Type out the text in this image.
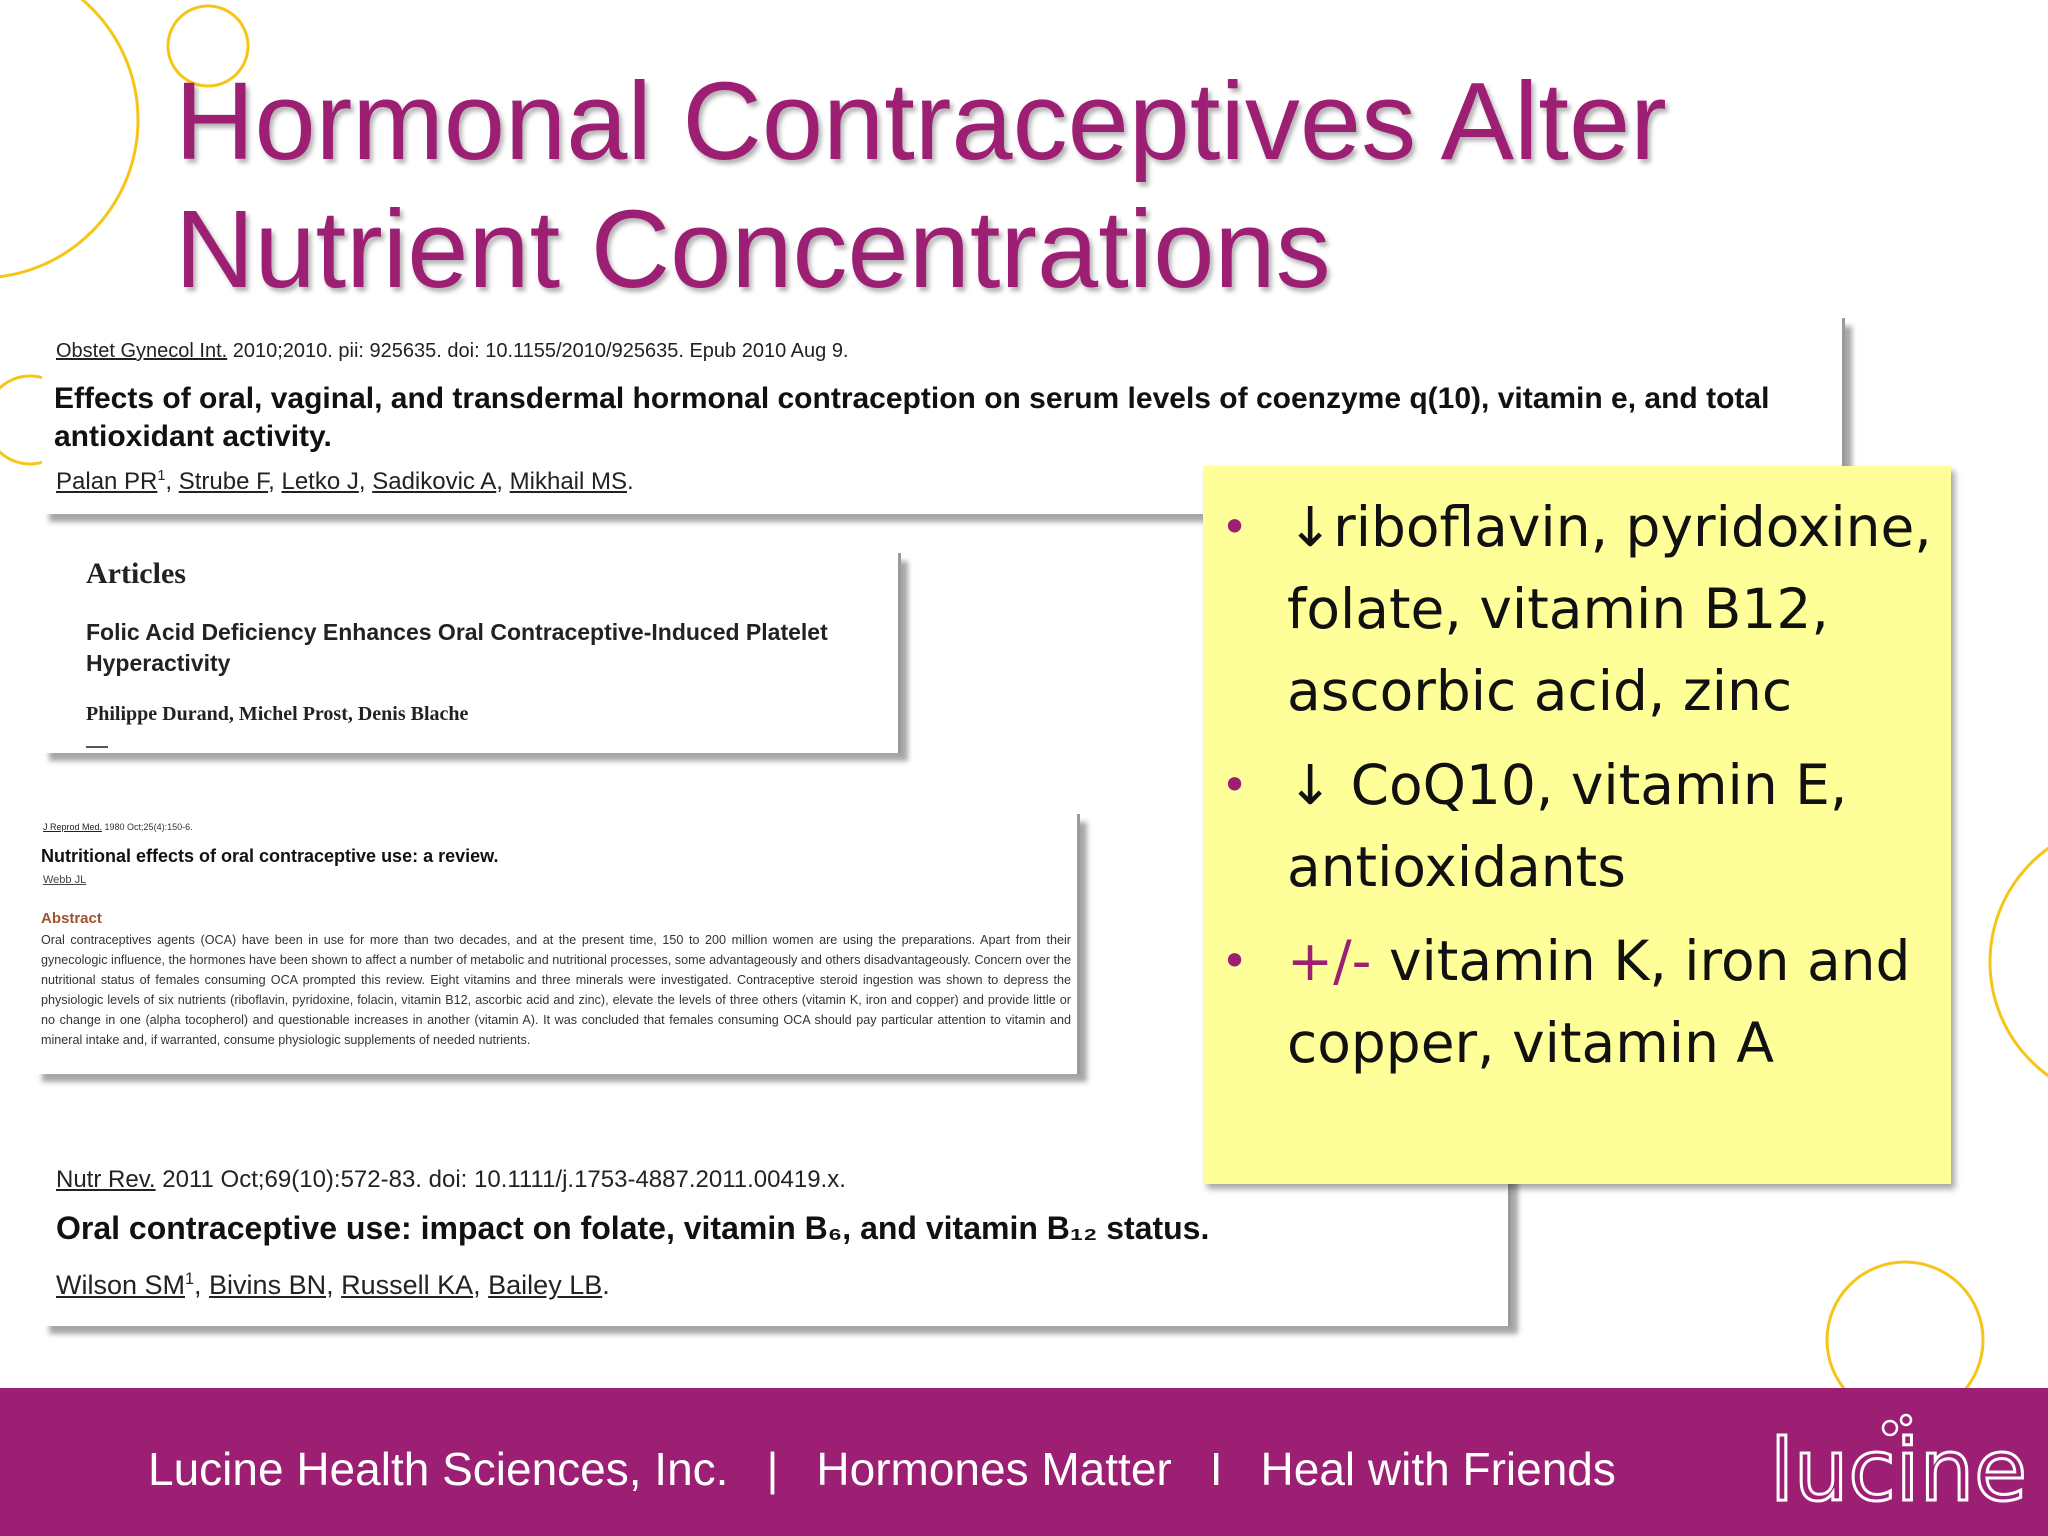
Hormonal Contraceptives Alter
Nutrient Concentrations
Obstet Gynecol Int. 2010;2010. pii: 925635. doi: 10.1155/2010/925635. Epub 2010 Aug 9.
Effects of oral, vaginal, and transdermal hormonal contraception on serum levels of coenzyme q(10), vitamin e, and total antioxidant activity.
Palan $PR^1$, Strube F, Letko J, Sadikovic A, Mikhail MS.
Articles
Folic Acid Deficiency Enhances Oral Contraceptive-Induced Platelet Hyperactivity
Philippe Durand, Michel Prost, Denis Blache
J Reprod Med. 1980 Oct;25(4):150-6.
Nutritional effects of oral contraceptive use: a review.
Webb JL
Abstract
Oral contraceptives agents (OCA) have been in use for more than two decades, and at the present time, 150 to 200 million women are using the preparations. Apart from their gynecologic influence, the hormones have been shown to affect a number of metabolic and nutritional processes, some advantageously and others disadvantageously. Concern over the nutritional status of females consuming OCA prompted this review. Eight vitamins and three minerals were investigated. Contraceptive steroid ingestion was shown to depress the physiologic levels of six nutrients (riboflavin, pyridoxine, folacin, vitamin B12, ascorbic acid and zinc), elevate the levels of three others (vitamin K, iron and copper) and provide little or no change in one (alpha tocopherol) and questionable increases in another (vitamin A). It was concluded that females consuming OCA should pay particular attention to vitamin and mineral intake and, if warranted, consume physiologic supplements of needed nutrients.
Nutr Rev. 2011 Oct;69(10):572-83. doi: 10.1111/j.1753-4887.2011.00419.x.
Oral contraceptive use: impact on folate, vitamin B₆, and vitamin B₁₂ status.
Wilson $SM^1$, Bivins BN, Russell KA, Bailey LB.
• ↓riboflavin, pyridoxine, folate, vitamin B12, ascorbic acid, zinc
• ↓ CoQ10, vitamin E, antioxidants
• +/- vitamin K, iron and copper, vitamin A
Lucine Health Sciences, Inc. | Hormones Matter I Heal with Friends lucine
